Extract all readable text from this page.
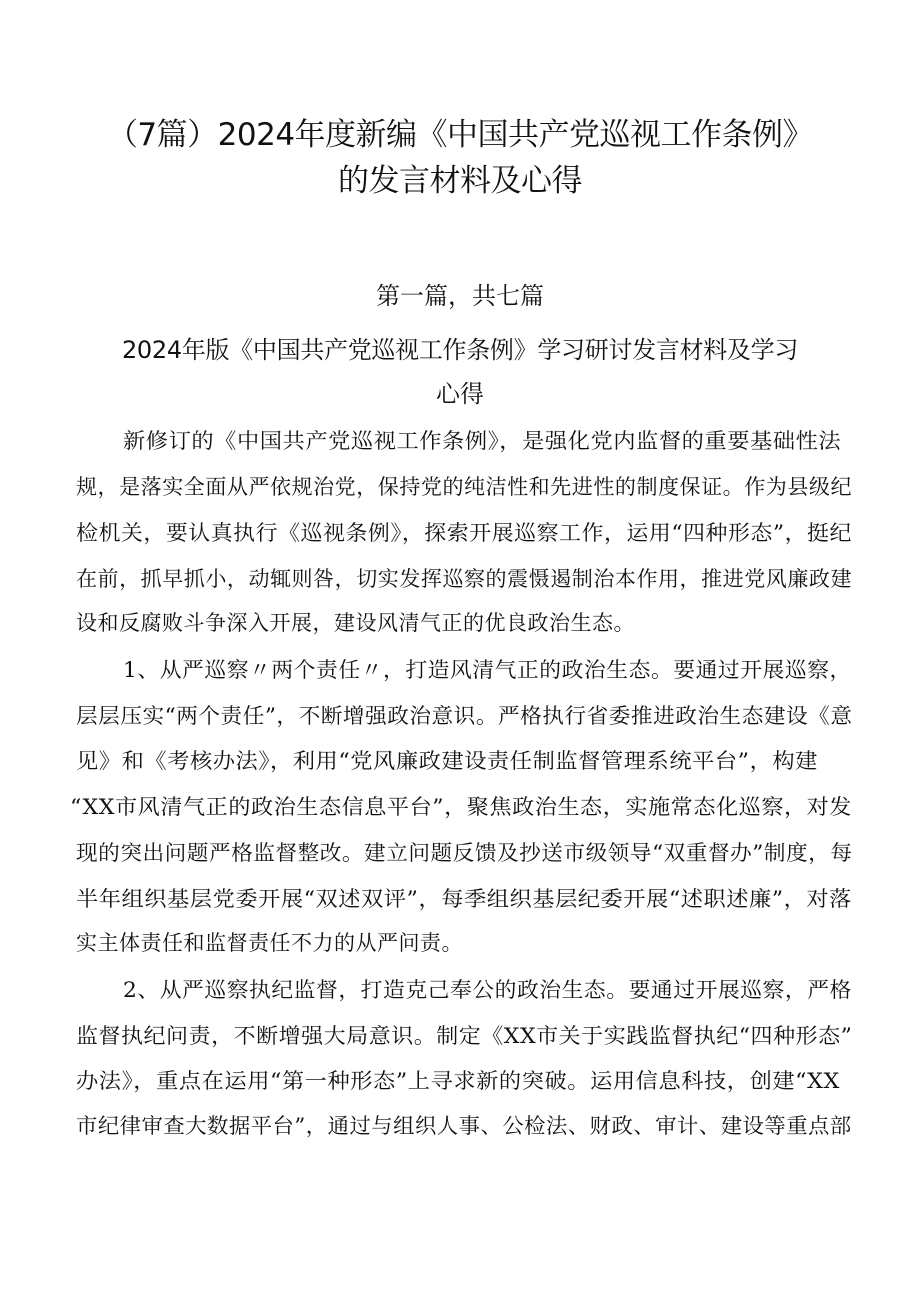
（7篇）2024年度新编《中国共产党巡视工作条例》
的发言材料及心得
第一篇，共七篇
2024年版《中国共产党巡视工作条例》学习研讨发言材料及学习
心得
新修订的《中国共产党巡视工作条例》，是强化党内监督的重要基础性法
规，是落实全面从严依规治党，保持党的纯洁性和先进性的制度保证。作为县级纪
检机关，要认真执行《巡视条例》，探索开展巡察工作，运用“四种形态”，挺纪
在前，抓早抓小，动辄则咎，切实发挥巡察的震慑遏制治本作用，推进党风廉政建
设和反腐败斗争深入开展，建设风清气正的优良政治生态。
1、从严巡察〃两个责任〃，打造风清气正的政治生态。要通过开展巡察，
层层压实“两个责任”，不断增强政治意识。严格执行省委推进政治生态建设《意
见》和《考核办法》，利用“党风廉政建设责任制监督管理系统平台”，构建
“XX市风清气正的政治生态信息平台”，聚焦政治生态，实施常态化巡察，对发
现的突出问题严格监督整改。建立问题反馈及抄送市级领导“双重督办”制度，每
半年组织基层党委开展“双述双评”，每季组织基层纪委开展“述职述廉”，对落
实主体责任和监督责任不力的从严问责。
2、从严巡察执纪监督，打造克己奉公的政治生态。要通过开展巡察，严格
监督执纪问责，不断增强大局意识。制定《XX市关于实践监督执纪“四种形态”
办法》，重点在运用“第一种形态”上寻求新的突破。运用信息科技，创建“XX
市纪律审查大数据平台”，通过与组织人事、公检法、财政、审计、建设等重点部
